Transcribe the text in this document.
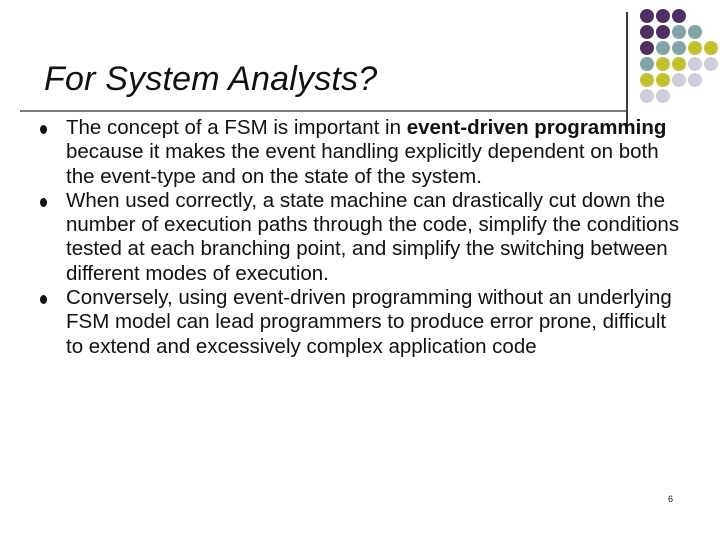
For System Analysts?
The concept of a FSM is important in event-driven programming because it makes the event handling explicitly dependent on both the event-type and on the state of the system.
When used correctly, a state machine can drastically cut down the number of execution paths through the code, simplify the conditions tested at each branching point, and simplify the switching between different modes of execution.
Conversely, using event-driven programming without an underlying FSM model can lead programmers to produce error prone, difficult to extend and excessively complex application code
6
